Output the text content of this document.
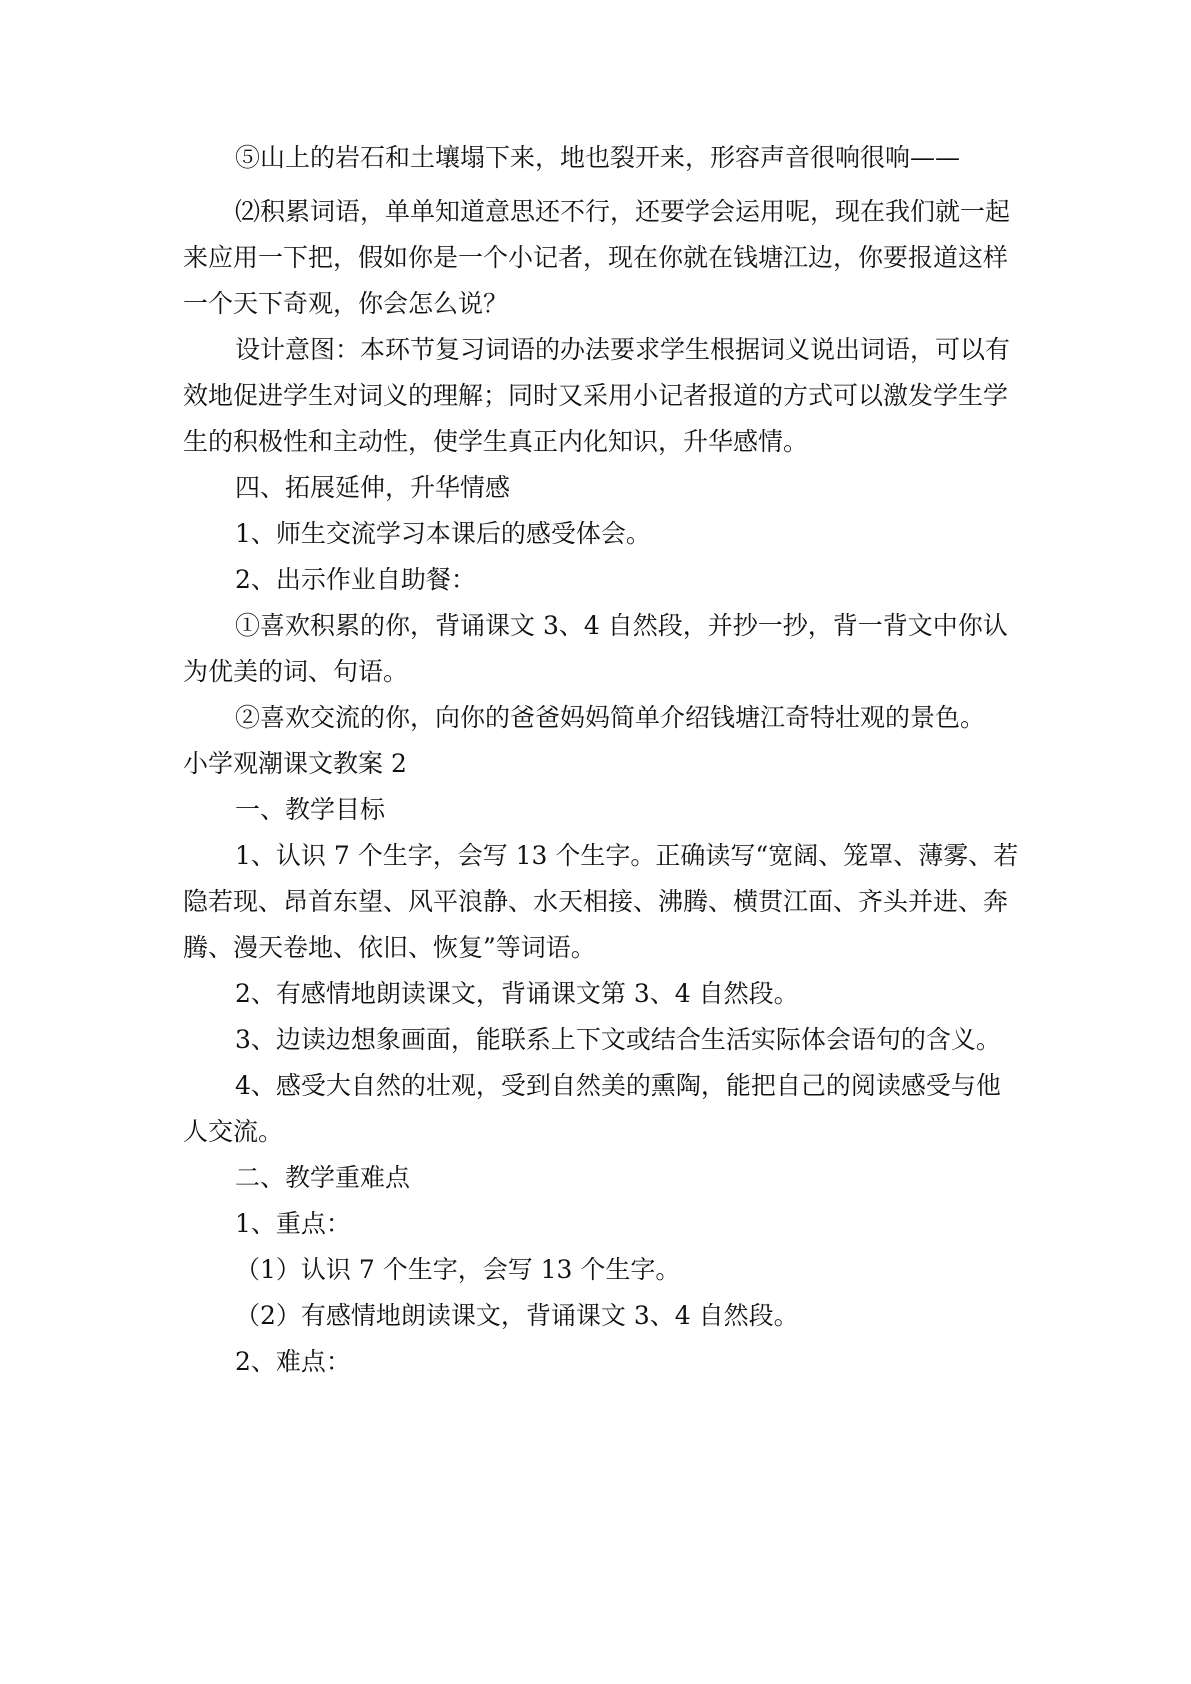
⑤山上的岩石和土壤塌下来，地也裂开来，形容声音很响很响——

⑵积累词语，单单知道意思还不行，还要学会运用呢，现在我们就一起来应用一下把，假如你是一个小记者，现在你就在钱塘江边，你要报道这样一个天下奇观，你会怎么说？

设计意图：本环节复习词语的办法要求学生根据词义说出词语，可以有效地促进学生对词义的理解；同时又采用小记者报道的方式可以激发学生学生的积极性和主动性，使学生真正内化知识，升华感情。

四、拓展延伸，升华情感

1、师生交流学习本课后的感受体会。

2、出示作业自助餐：

①喜欢积累的你，背诵课文 3、4 自然段，并抄一抄，背一背文中你认为优美的词、句语。

②喜欢交流的你，向你的爸爸妈妈简单介绍钱塘江奇特壮观的景色。

小学观潮课文教案 2

一、教学目标

1、认识 7 个生字，会写 13 个生字。正确读写“宽阔、笼罩、薄雾、若隐若现、昂首东望、风平浪静、水天相接、沸腾、横贯江面、齐头并进、奔腾、漫天卷地、依旧、恢复”等词语。

2、有感情地朗读课文，背诵课文第 3、4 自然段。

3、边读边想象画面，能联系上下文或结合生活实际体会语句的含义。

4、感受大自然的壮观，受到自然美的熏陶，能把自己的阅读感受与他人交流。

二、教学重难点

1、重点：

（1）认识 7 个生字，会写 13 个生字。

（2）有感情地朗读课文，背诵课文 3、4 自然段。

2、难点：
